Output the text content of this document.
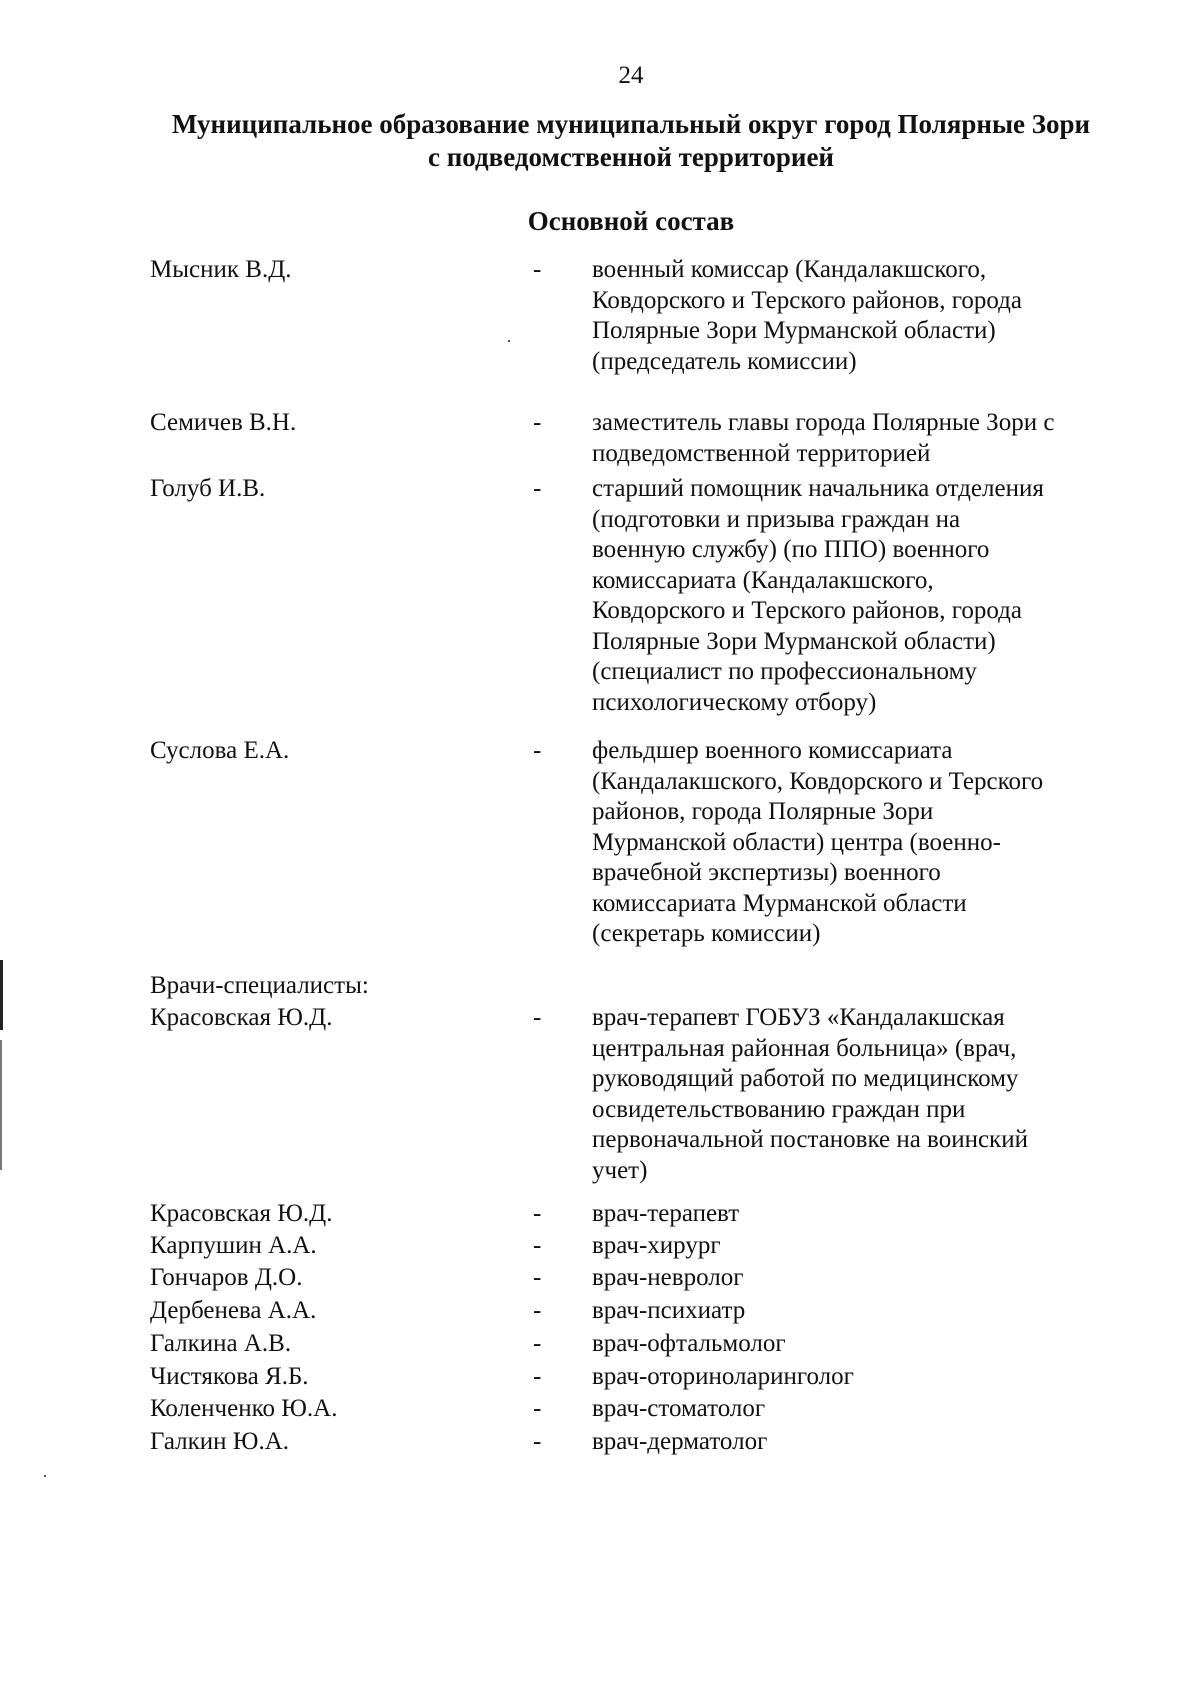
24
Муниципальное образование муниципальный округ город Полярные Зори
с подведомственной территорией
Основной состав
Мысник В.Д.	- военный комиссар (Кандалакшского,
Ковдорского и Терского районов, города
Полярные Зори Мурманской области)
(председатель комиссии)
Семичев В.Н.	- заместитель главы города Полярные Зори с
подведомственной территорией
Голуб И.В.	- старший помощник начальника отделения
(подготовки и призыва граждан на
военную службу) (по ППО) военного
комиссариата (Кандалакшского,
Ковдорского и Терского районов, города
Полярные Зори Мурманской области)
(специалист по профессиональному
психологическому отбору)
Суслова Е.А.	- фельдшер военного комиссариата
(Кандалакшского, Ковдорского и Терского
районов, города Полярные Зори
Мурманской области) центра (военно-
врачебной экспертизы) военного
комиссариата Мурманской области
(секретарь комиссии)
Врачи-специалисты:
Красовская Ю.Д.	- врач-терапевт ГОБУЗ «Кандалакшская
центральная районная больница» (врач,
руководящий работой по медицинскому
освидетельствованию граждан при
первоначальной постановке на воинский
учет)
Красовская Ю.Д.	- врач-терапевт
Карпушин А.А.	- врач-хирург
Гончаров Д.О.	- врач-невролог
Дербенева А.А.	- врач-психиатр
Галкина А.В.	- врач-офтальмолог
Чистякова Я.Б.	- врач-оториноларинголог
Коленченко Ю.А.	- врач-стоматолог
Галкин Ю.А.	- врач-дерматолог
